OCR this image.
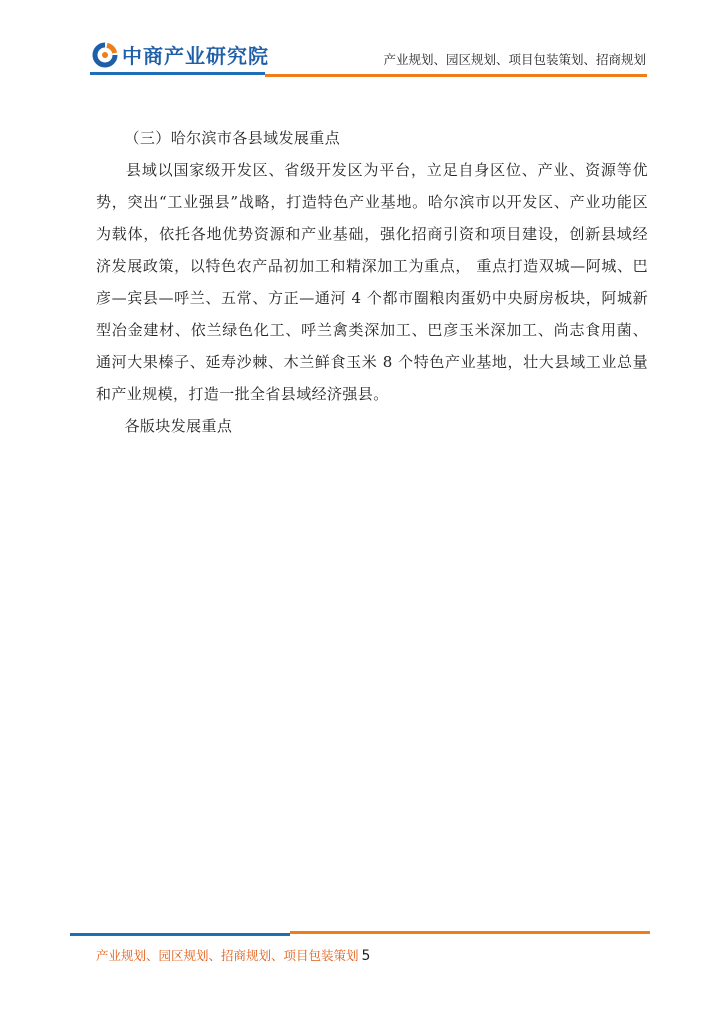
中商产业研究院	产业规划、园区规划、项目包装策划、招商规划

（三）哈尔滨市各县域发展重点

县域以国家级开发区、省级开发区为平台，立足自身区位、产业、资源等优势，突出“工业强县”战略，打造特色产业基地。哈尔滨市以开发区、产业功能区为载体，依托各地优势资源和产业基础，强化招商引资和项目建设，创新县域经济发展政策，以特色农产品初加工和精深加工为重点， 重点打造双城—阿城、巴彦—宾县—呼兰、五常、方正—通河 4 个都市圈粮肉蛋奶中央厨房板块，阿城新型冶金建材、依兰绿色化工、呼兰禽类深加工、巴彦玉米深加工、尚志食用菌、通河大果榛子、延寿沙棘、木兰鲜食玉米 8 个特色产业基地，壮大县域工业总量和产业规模，打造一批全省县域经济强县。

各版块发展重点

产业规划、园区规划、招商规划、项目包装策划 5
